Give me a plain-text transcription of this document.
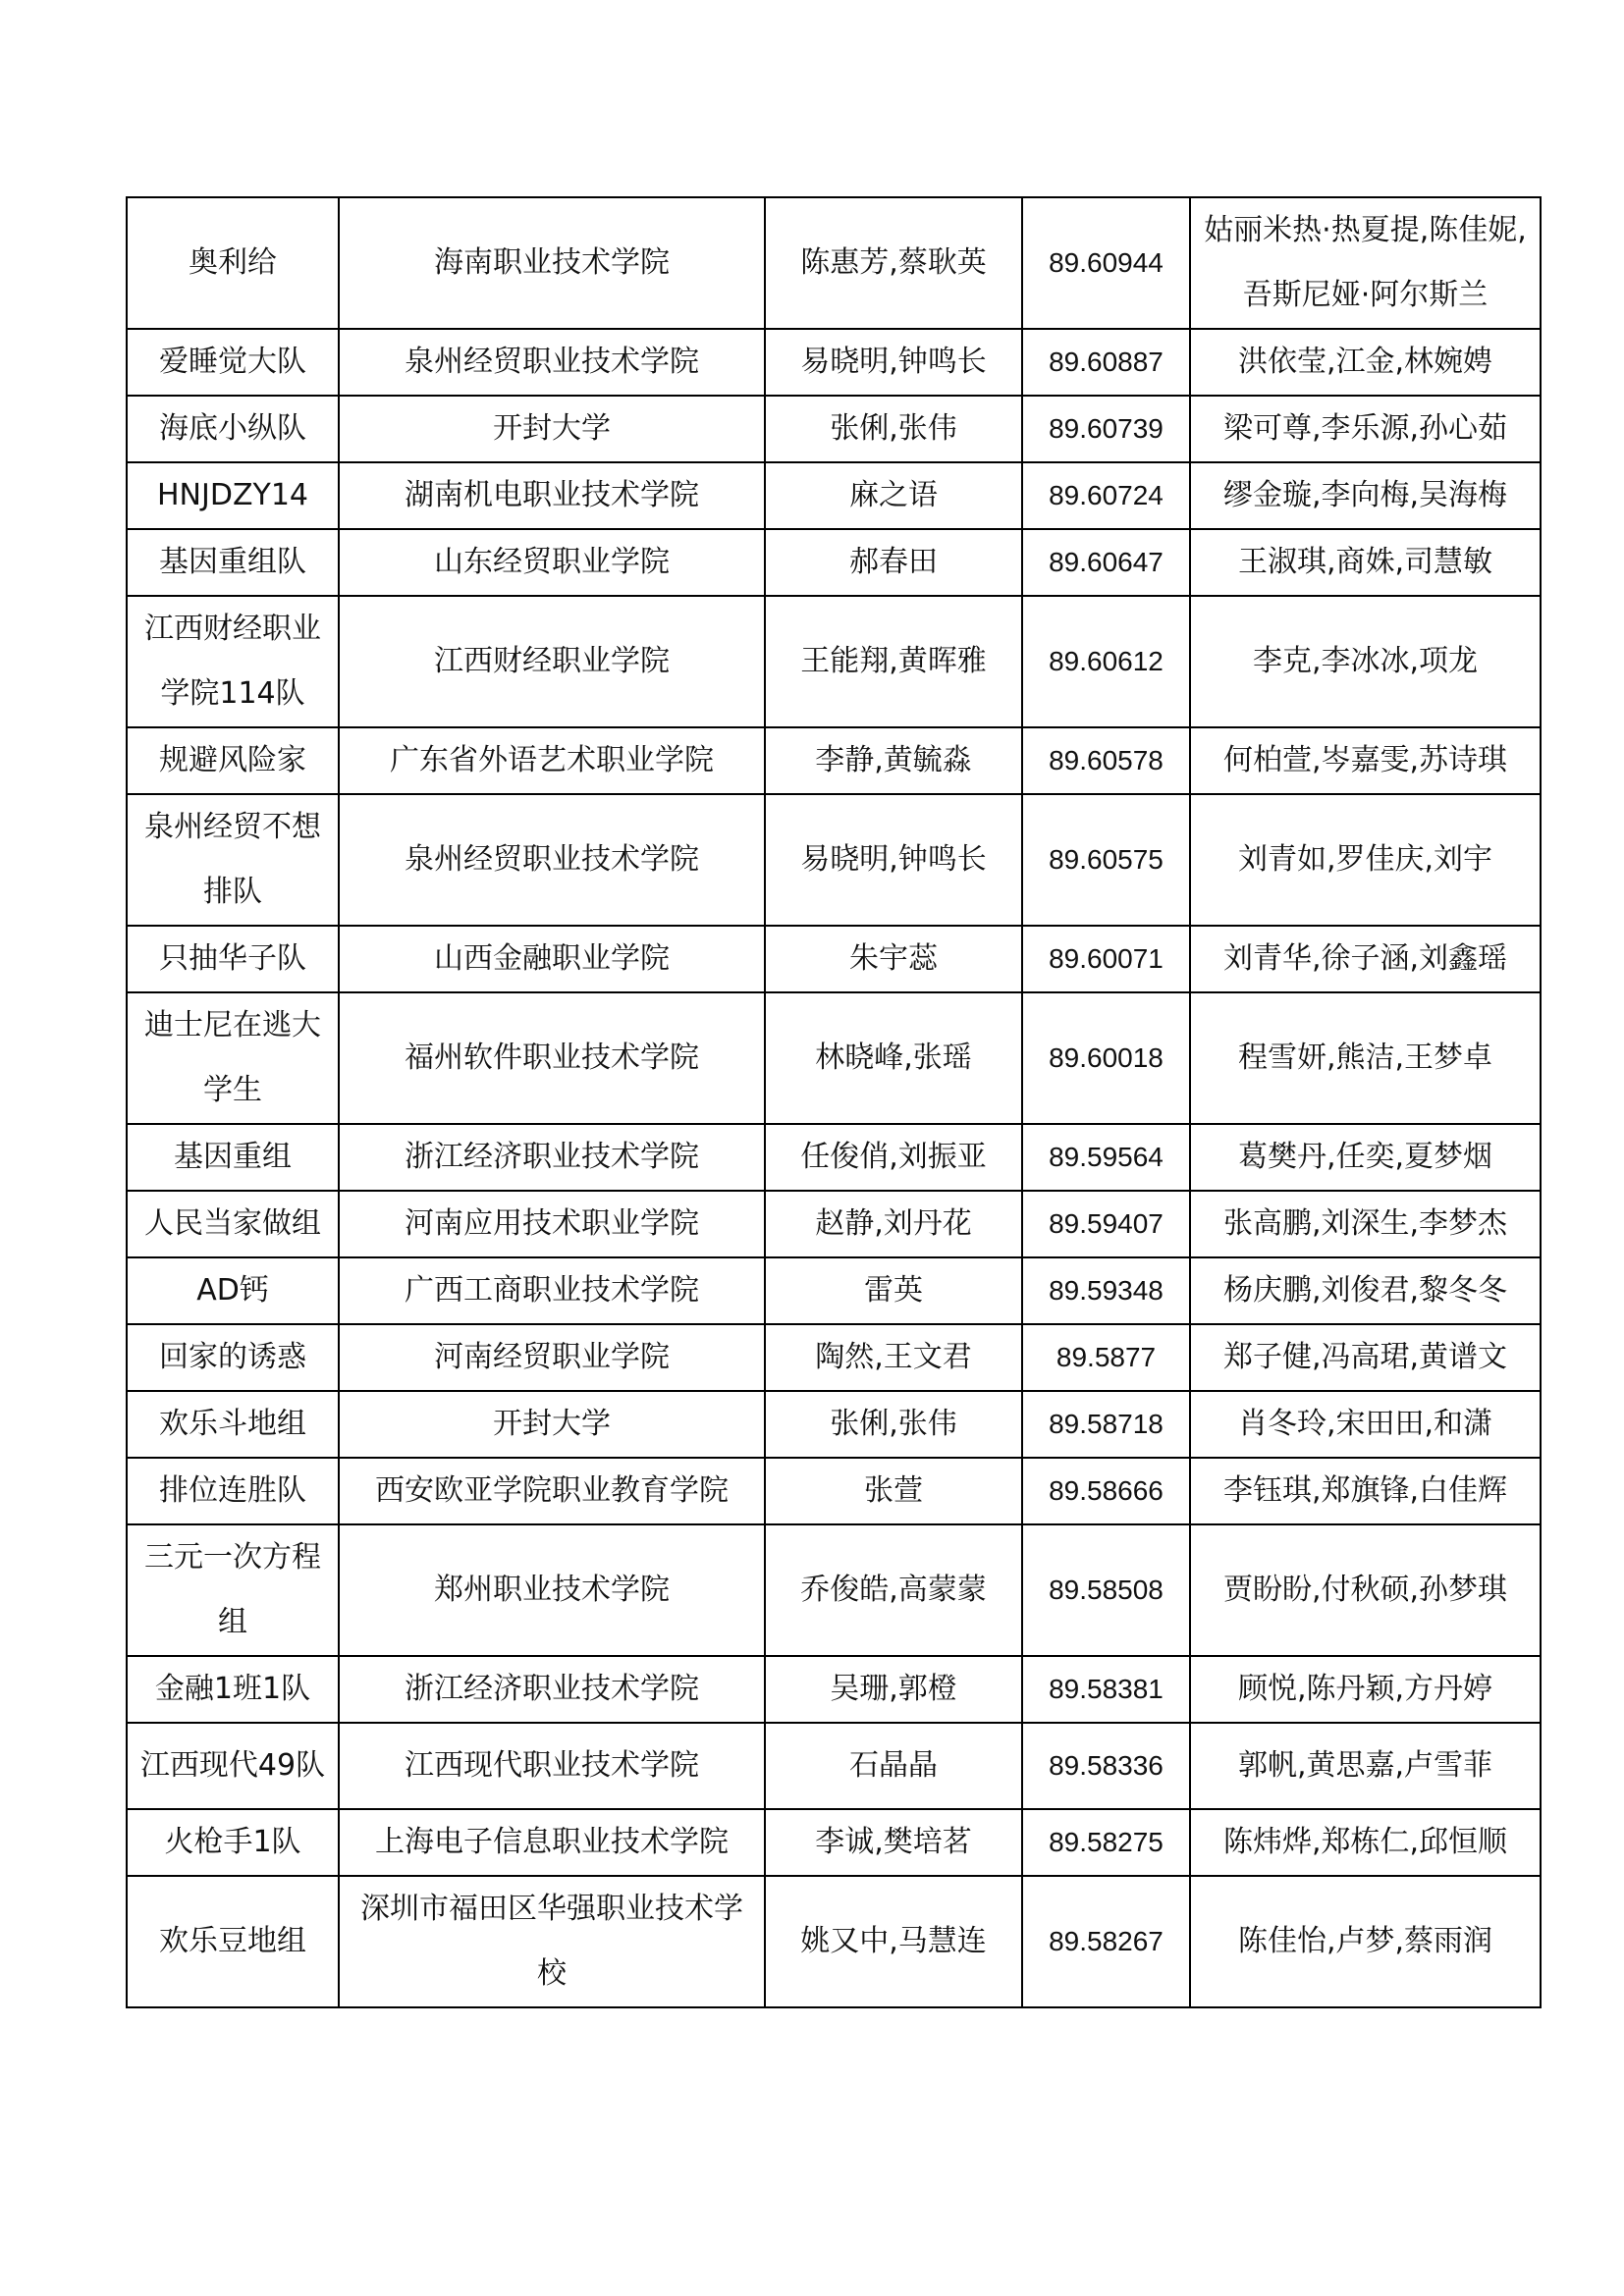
奥利给	海南职业技术学院	陈惠芳,蔡耿英	89.60944	姑丽米热·热夏提,陈佳妮,吾斯尼娅·阿尔斯兰
爱睡觉大队	泉州经贸职业技术学院	易晓明,钟鸣长	89.60887	洪依莹,江金,林婉娉
海底小纵队	开封大学	张俐,张伟	89.60739	梁可尊,李乐源,孙心茹
HNJDZY14	湖南机电职业技术学院	麻之语	89.60724	缪金璇,李向梅,吴海梅
基因重组队	山东经贸职业学院	郝春田	89.60647	王淑琪,商姝,司慧敏
江西财经职业学院114队	江西财经职业学院	王能翔,黄晖雅	89.60612	李克,李冰冰,项龙
规避风险家	广东省外语艺术职业学院	李静,黄毓淼	89.60578	何柏萱,岑嘉雯,苏诗琪
泉州经贸不想排队	泉州经贸职业技术学院	易晓明,钟鸣长	89.60575	刘青如,罗佳庆,刘宇
只抽华子队	山西金融职业学院	朱宇蕊	89.60071	刘青华,徐子涵,刘鑫瑶
迪士尼在逃大学生	福州软件职业技术学院	林晓峰,张瑶	89.60018	程雪妍,熊洁,王梦卓
基因重组	浙江经济职业技术学院	任俊俏,刘振亚	89.59564	葛樊丹,任奕,夏梦烟
人民当家做组	河南应用技术职业学院	赵静,刘丹花	89.59407	张高鹏,刘深生,李梦杰
AD钙	广西工商职业技术学院	雷英	89.59348	杨庆鹏,刘俊君,黎冬冬
回家的诱惑	河南经贸职业学院	陶然,王文君	89.5877	郑子健,冯高珺,黄谱文
欢乐斗地组	开封大学	张俐,张伟	89.58718	肖冬玲,宋田田,和潇
排位连胜队	西安欧亚学院职业教育学院	张萱	89.58666	李钰琪,郑旗锋,白佳辉
三元一次方程组	郑州职业技术学院	乔俊皓,高蒙蒙	89.58508	贾盼盼,付秋硕,孙梦琪
金融1班1队	浙江经济职业技术学院	吴珊,郭橙	89.58381	顾悦,陈丹颖,方丹婷
江西现代49队	江西现代职业技术学院	石晶晶	89.58336	郭帆,黄思嘉,卢雪菲
火枪手1队	上海电子信息职业技术学院	李诚,樊培茗	89.58275	陈炜烨,郑栋仁,邱恒顺
欢乐豆地组	深圳市福田区华强职业技术学校	姚又中,马慧连	89.58267	陈佳怡,卢梦,蔡雨润
